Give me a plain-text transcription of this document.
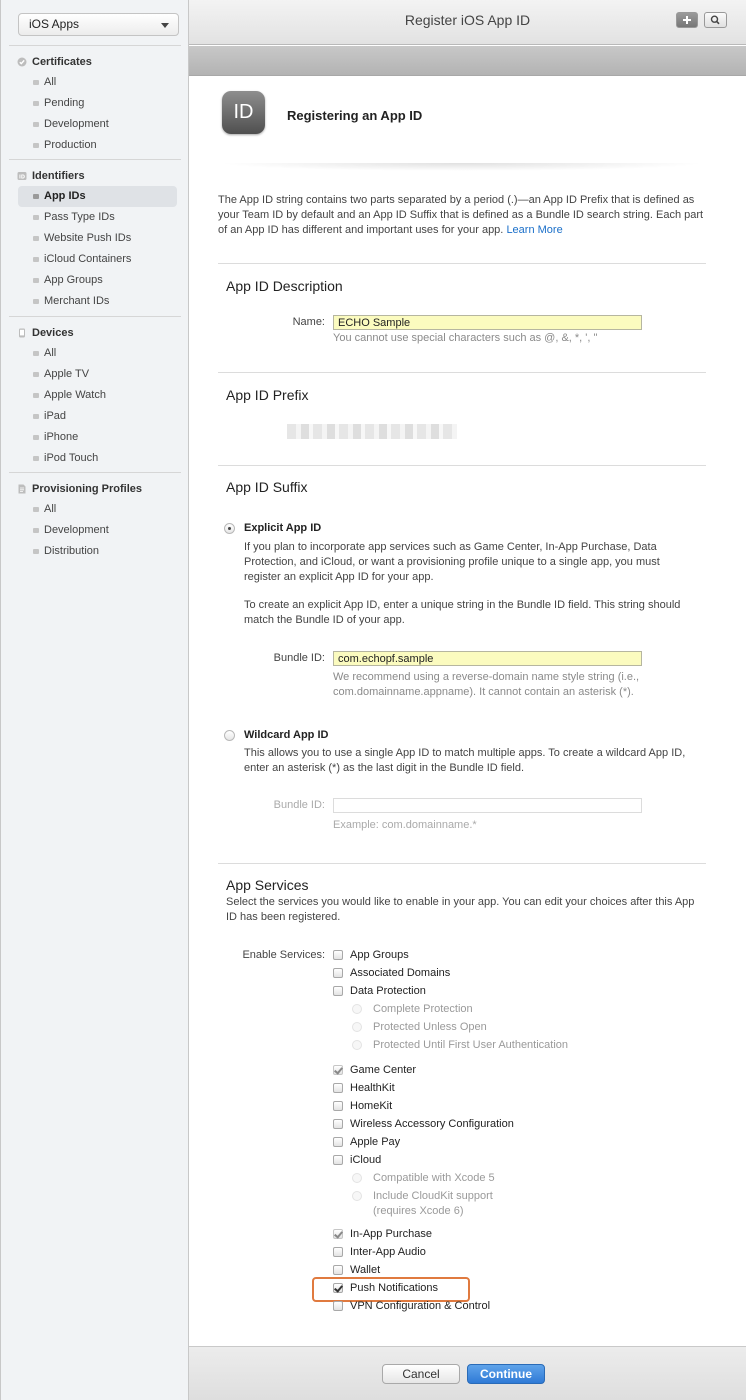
iOS Apps
Certificates
All
Pending
Development
Production
ID Identifiers
App IDs
Pass Type IDs
Website Push IDs
iCloud Containers
App Groups
Merchant IDs
Devices
All
Apple TV
Apple Watch
iPad
iPhone
iPod Touch
Provisioning Profiles
All
Development
Distribution
Register iOS App ID
ID	Registering an App ID
The App ID string contains two parts separated by a period (.)—an App ID Prefix that is defined as your Team ID by default and an App ID Suffix that is defined as a Bundle ID search string. Each part of an App ID has different and important uses for your app. Learn More
App ID Description
Name:
ECHO Sample
You cannot use special characters such as @, &, *, ', "
App ID Prefix
App ID Suffix
Explicit App ID
If you plan to incorporate app services such as Game Center, In-App Purchase, Data Protection, and iCloud, or want a provisioning profile unique to a single app, you must register an explicit App ID for your app.
To create an explicit App ID, enter a unique string in the Bundle ID field. This string should match the Bundle ID of your app.
Bundle ID:
com.echopf.sample
We recommend using a reverse-domain name style string (i.e., com.domainname.appname). It cannot contain an asterisk (*).
Wildcard App ID
This allows you to use a single App ID to match multiple apps. To create a wildcard App ID, enter an asterisk (*) as the last digit in the Bundle ID field.
Bundle ID:
Example: com.domainname.*
App Services
Select the services you would like to enable in your app. You can edit your choices after this App ID has been registered.
Enable Services: App Groups
Associated Domains
Data Protection
Complete Protection
Protected Unless Open
Protected Until First User Authentication
Game Center
HealthKit
HomeKit
Wireless Accessory Configuration
Apple Pay
iCloud
Compatible with Xcode 5
Include CloudKit support
(requires Xcode 6)
In-App Purchase
Inter-App Audio
Wallet
Push Notifications
VPN Configuration & Control
Cancel	Continue
